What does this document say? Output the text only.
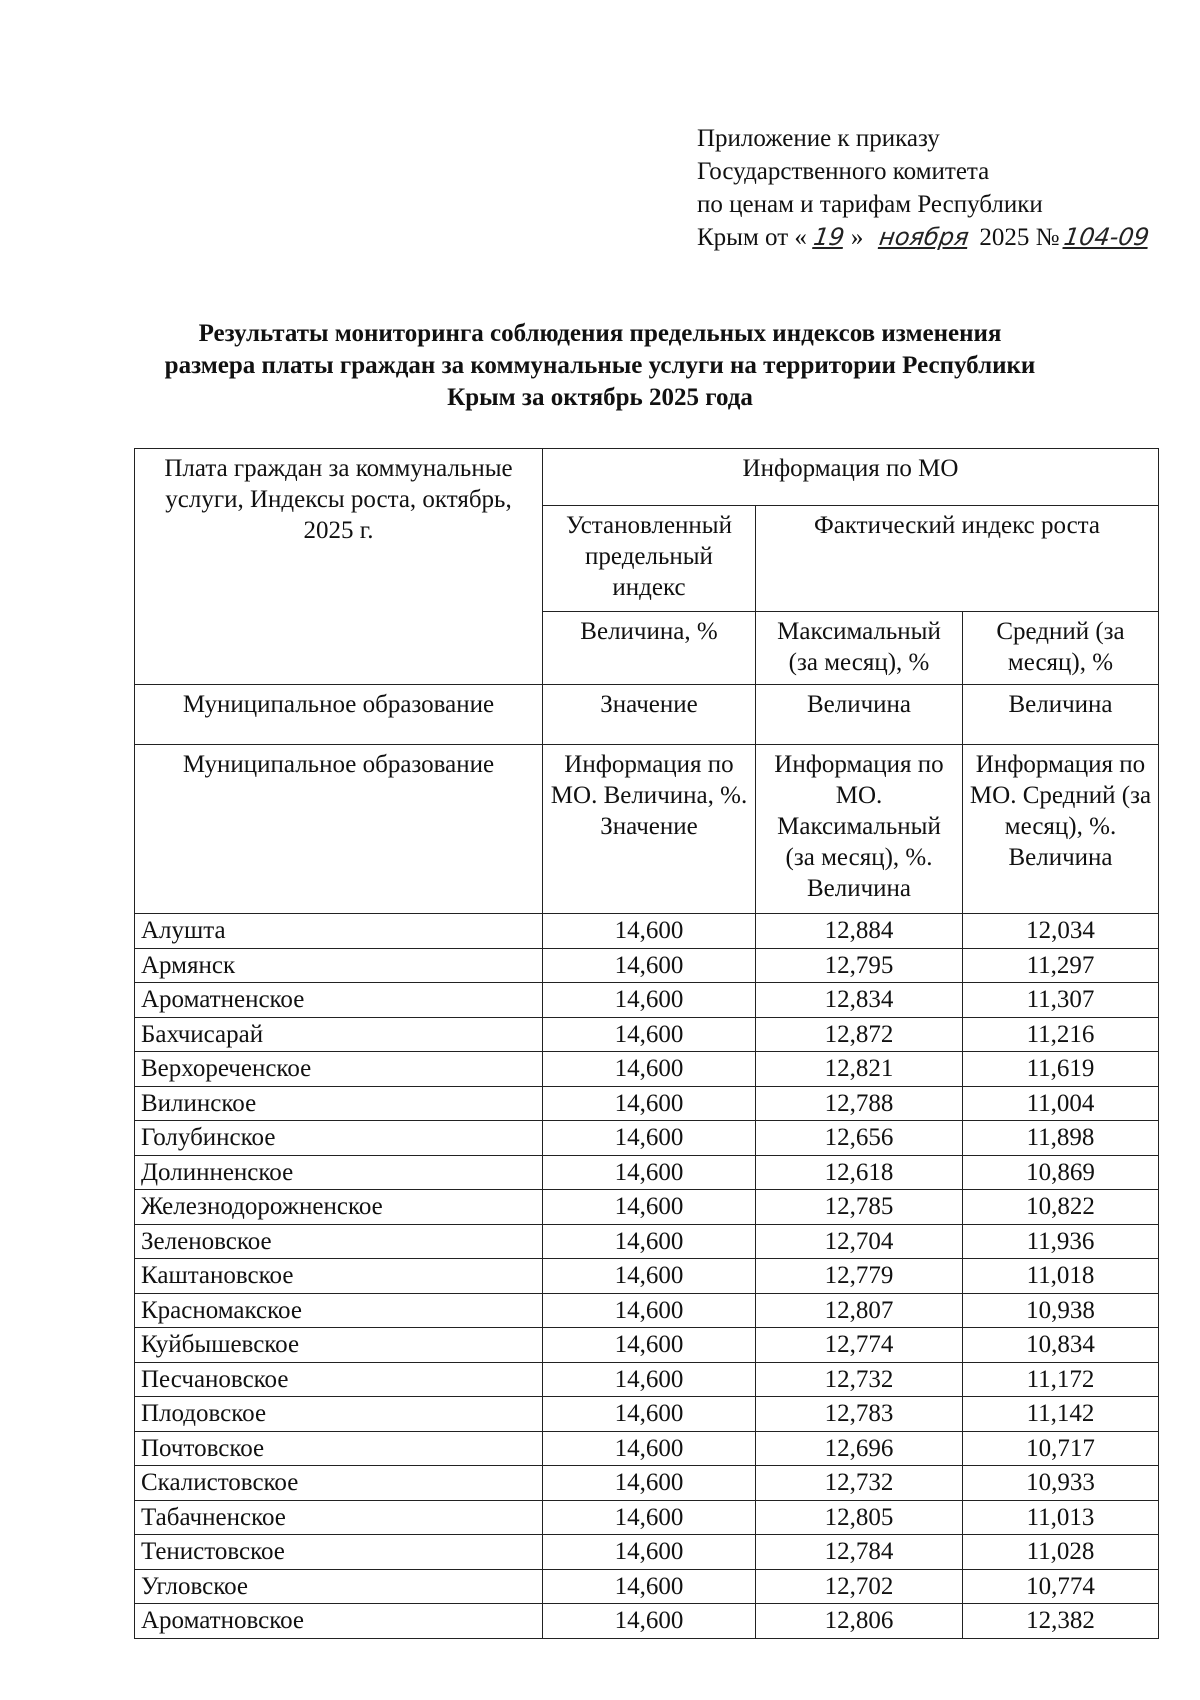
Приложение к приказу
Государственного комитета
по ценам и тарифам Республики
Крым от « 19 » ноября 2025 №104-09
Результаты мониторинга соблюдения предельных индексов изменения
размера платы граждан за коммунальные услуги на территории Республики
Крым за октябрь 2025 года
Плата граждан за коммунальные услуги, Индексы роста, октябрь, 2025 г.	Информация по МО		
	Установленный предельный индекс	Фактический индекс роста	
	Величина, %	Максимальный (за месяц), %	Средний (за месяц), %
Муниципальное образование	Значение	Величина	Величина
Муниципальное образование	Информация по МО. Величина, %. Значение	Информация по МО. Максимальный (за месяц), %. Величина	Информация по МО. Средний (за месяц), %. Величина
Алушта	14,600	12,884	12,034
Армянск	14,600	12,795	11,297
Ароматненское	14,600	12,834	11,307
Бахчисарай	14,600	12,872	11,216
Верхореченское	14,600	12,821	11,619
Вилинское	14,600	12,788	11,004
Голубинское	14,600	12,656	11,898
Долинненское	14,600	12,618	10,869
Железнодорожненское	14,600	12,785	10,822
Зеленовское	14,600	12,704	11,936
Каштановское	14,600	12,779	11,018
Красномакское	14,600	12,807	10,938
Куйбышевское	14,600	12,774	10,834
Песчановское	14,600	12,732	11,172
Плодовское	14,600	12,783	11,142
Почтовское	14,600	12,696	10,717
Скалистовское	14,600	12,732	10,933
Табачненское	14,600	12,805	11,013
Тенистовское	14,600	12,784	11,028
Угловское	14,600	12,702	10,774
Ароматновское	14,600	12,806	12,382
